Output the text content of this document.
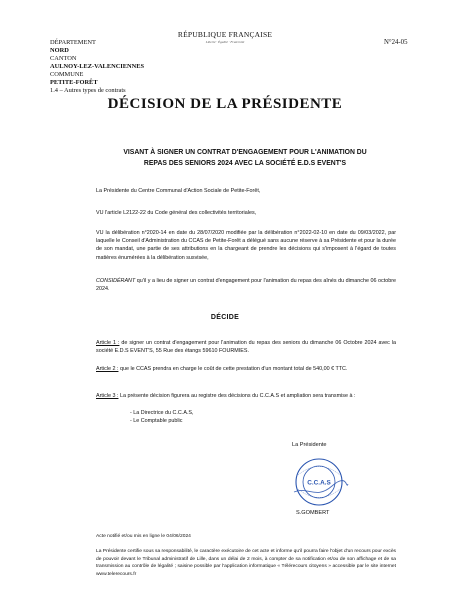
DÉPARTEMENT
NORD
CANTON
AULNOY-LEZ-VALENCIENNES
COMMUNE
PETITE-FORÊT
1.4 – Autres types de contrats
RÉPUBLIQUE FRANÇAISE
Liberté · Égalité · Fraternité	N°24-05
DÉCISION DE LA PRÉSIDENTE
VISANT À SIGNER UN CONTRAT D'ENGAGEMENT POUR L'ANIMATION DU REPAS DES SENIORS 2024 AVEC LA SOCIÉTÉ E.D.S EVENT'S
La Présidente du Centre Communal d'Action Sociale de Petite-Forêt,
VU l'article L2122-22 du Code général des collectivités territoriales,
VU la délibération n°2020-14 en date du 28/07/2020 modifiée par la délibération n°2022-02-10 en date du 09/03/2022, par laquelle le Conseil d'Administration du CCAS de Petite-Forêt a délégué sans aucune réserve à sa Présidente et pour la durée de son mandat, une partie de ses attributions en la chargeant de prendre les décisions qui s'imposent à l'égard de toutes matières énumérées à la délibération susvisée,
CONSIDÉRANT qu'il y a lieu de signer un contrat d'engagement pour l'animation du repas des aînés du dimanche 06 octobre 2024.
DÉCIDE
Article 1 : de signer un contrat d'engagement pour l'animation du repas des seniors du dimanche 06 Octobre 2024 avec la société E.D.S EVENT'S, 55 Rue des étangs 59610 FOURMIES.
Article 2 : que le CCAS prendra en charge le coût de cette prestation d'un montant total de 540,00 € TTC.
Article 3 : La présente décision figurera au registre des décisions du C.C.A.S et ampliation sera transmise à :
- La Directrice du C.C.A.S,
- Le Comptable public
La Présidente
C.C.A.S
S.GOMBERT
Acte notifié et/ou mis en ligne le 04/06/2024
La Présidente certifie sous sa responsabilité, le caractère exécutoire de cet acte et informe qu'il pourra faire l'objet d'un recours pour excès de pouvoir devant le Tribunal administratif de Lille, dans un délai de 2 mois, à compter de sa notification et/ou de son affichage et de sa transmission au contrôle de légalité ; saisine possible par l'application informatique « Télérecours citoyens » accessible par le site internet www.telerecours.fr
